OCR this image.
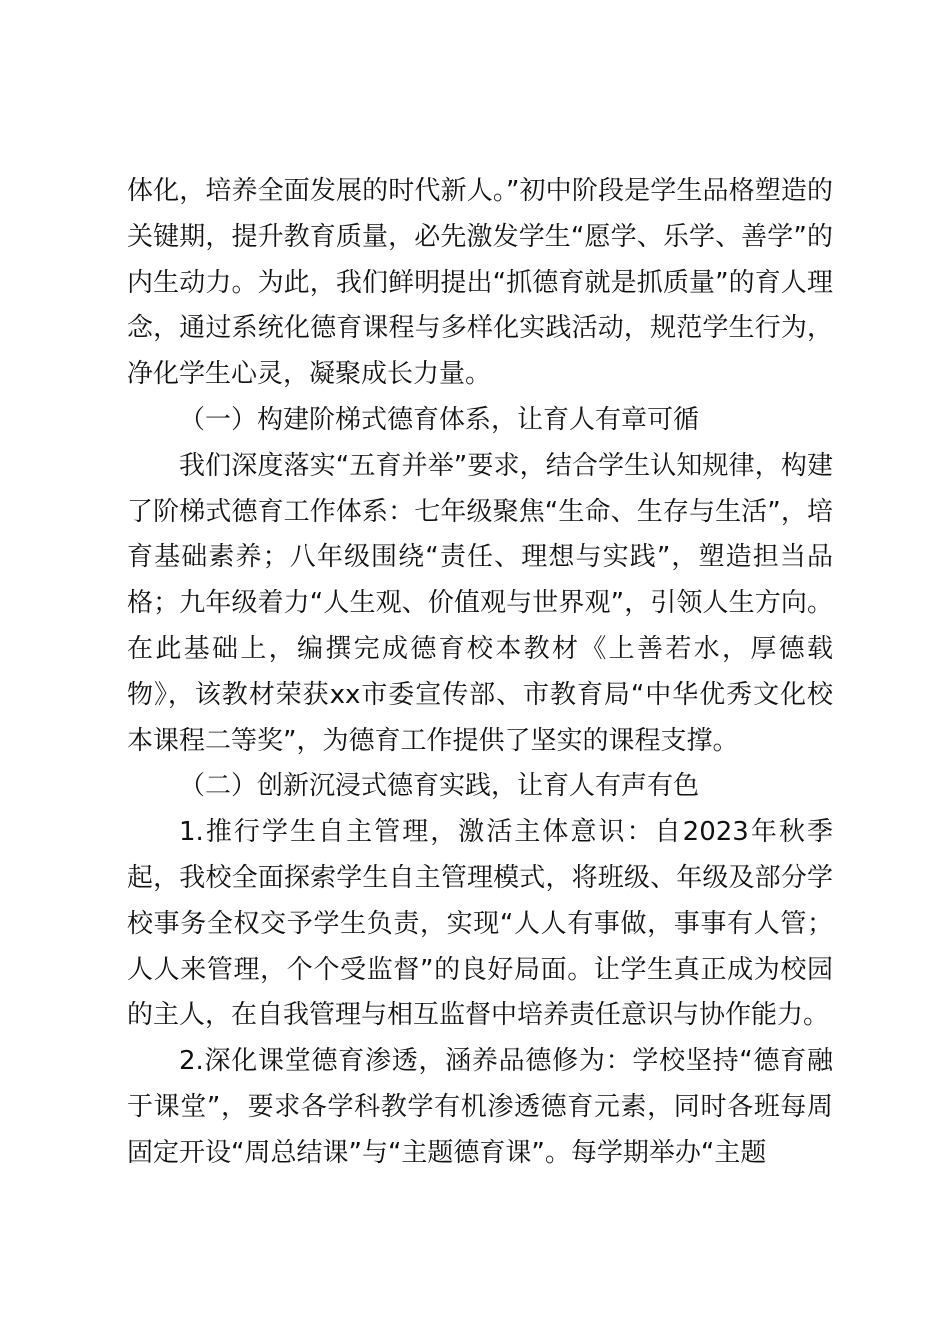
体化，培养全面发展的时代新人。”初中阶段是学生品格塑造的关键期，提升教育质量，必先激发学生“愿学、乐学、善学”的内生动力。为此，我们鲜明提出“抓德育就是抓质量”的育人理念，通过系统化德育课程与多样化实践活动，规范学生行为，净化学生心灵，凝聚成长力量。

（一）构建阶梯式德育体系，让育人有章可循

我们深度落实“五育并举”要求，结合学生认知规律，构建了阶梯式德育工作体系：七年级聚焦“生命、生存与生活”，培育基础素养；八年级围绕“责任、理想与实践”，塑造担当品格；九年级着力“人生观、价值观与世界观”，引领人生方向。在此基础上，编撰完成德育校本教材《上善若水，厚德载物》，该教材荣获xx市委宣传部、市教育局“中华优秀文化校本课程二等奖”，为德育工作提供了坚实的课程支撑。

（二）创新沉浸式德育实践，让育人有声有色

1.推行学生自主管理，激活主体意识：自2023年秋季起，我校全面探索学生自主管理模式，将班级、年级及部分学校事务全权交予学生负责，实现“人人有事做，事事有人管；人人来管理，个个受监督”的良好局面。让学生真正成为校园的主人，在自我管理与相互监督中培养责任意识与协作能力。

2.深化课堂德育渗透，涵养品德修为：学校坚持“德育融于课堂”，要求各学科教学有机渗透德育元素，同时各班每周固定开设“周总结课”与“主题德育课”。每学期举办“主题
